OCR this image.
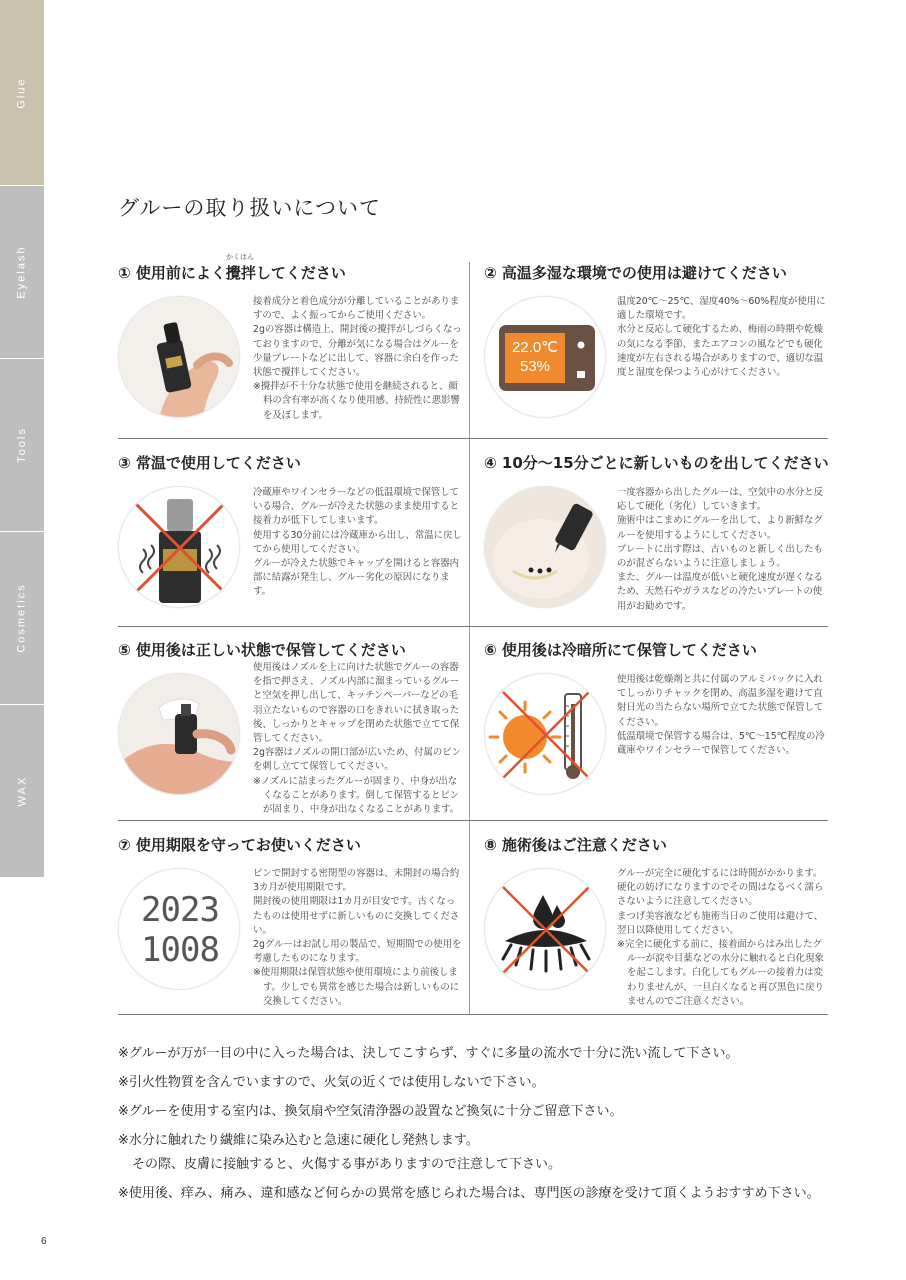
Glue
Eyelash
Tools
Cosmetics
WAX
グルーの取り扱いについて
かくはん
① 使用前によく攪拌してください

接着成分と着色成分が分離していることがありますので、よく振ってからご使用ください。

2gの容器は構造上、開封後の攪拌がしづらくなっておりますので、分離が気になる場合はグルーを少量プレートなどに出して、容器に余白を作った状態で攪拌してください。

※攪拌が不十分な状態で使用を継続されると、顔料の含有率が高くなり使用感、持続性に悪影響を及ぼします。

② 高温多湿な環境での使用は避けてください
22.0℃
53%

温度20℃～25℃、湿度40%～60%程度が使用に適した環境です。

水分と反応して硬化するため、梅雨の時期や乾燥の気になる季節、またエアコンの風などでも硬化速度が左右される場合がありますので、適切な温度と湿度を保つよう心がけてください。

③ 常温で使用してください

冷蔵庫やワインセラーなどの低温環境で保管している場合、グルーが冷えた状態のまま使用すると接着力が低下してしまいます。

使用する30分前には冷蔵庫から出し、常温に戻してから使用してください。

グルーが冷えた状態でキャップを開けると容器内部に結露が発生し、グルー劣化の原因になります。

④ 10分～15分ごとに新しいものを出してください

一度容器から出したグルーは、空気中の水分と反応して硬化（劣化）していきます。

施術中はこまめにグルーを出して、より新鮮なグルーを使用するようにしてください。

プレートに出す際は、古いものと新しく出したものが混ざらないように注意しましょう。

また、グルーは温度が低いと硬化速度が遅くなるため、天然石やガラスなどの冷たいプレートの使用がお勧めです。

⑤ 使用後は正しい状態で保管してください

使用後はノズルを上に向けた状態でグルーの容器を指で押さえ、ノズル内部に溜まっているグルーと空気を押し出して、キッチンペーパーなどの毛羽立たないもので容器の口をきれいに拭き取った後、しっかりとキャップを閉めた状態で立てて保管してください。

2g容器はノズルの開口部が広いため、付属のピンを刺し立てて保管してください。

※ノズルに詰まったグルーが固まり、中身が出なくなることがあります。倒して保管するとピンが固まり、中身が出なくなることがあります。

⑥ 使用後は冷暗所にて保管してください

使用後は乾燥剤と共に付属のアルミパックに入れてしっかりチャックを閉め、高温多湿を避けて直射日光の当たらない場所で立てた状態で保管してください。

低温環境で保管する場合は、5℃～15℃程度の冷蔵庫やワインセラーで保管してください。

⑦ 使用期限を守ってお使いください
2023
1008

ピンで開封する密閉型の容器は、未開封の場合約3カ月が使用期限です。

開封後の使用期限は1カ月が目安です。古くなったものは使用せずに新しいものに交換してください。

2gグルーはお試し用の製品で、短期間での使用を考慮したものになります。

※使用期限は保管状態や使用環境により前後します。少しでも異常を感じた場合は新しいものに交換してください。

⑧ 施術後はご注意ください

グルーが完全に硬化するには時間がかかります。硬化の妨げになりますのでその間はなるべく濡らさないように注意してください。

まつげ美容液なども施術当日のご使用は避けて、翌日以降使用してください。

※完全に硬化する前に、接着面からはみ出したグルーが涙や目薬などの水分に触れると白化現象を起こします。白化してもグルーの接着力は変わりませんが、一旦白くなると再び黒色に戻りませんのでご注意ください。

※グルーが万が一目の中に入った場合は、決してこすらず、すぐに多量の流水で十分に洗い流して下さい。
※引火性物質を含んでいますので、火気の近くでは使用しないで下さい。
※グルーを使用する室内は、換気扇や空気清浄器の設置など換気に十分ご留意下さい。
※水分に触れたり繊維に染み込むと急速に硬化し発熱します。
その際、皮膚に接触すると、火傷する事がありますので注意して下さい。
※使用後、痒み、痛み、違和感など何らかの異常を感じられた場合は、専門医の診療を受けて頂くようおすすめ下さい。
6
